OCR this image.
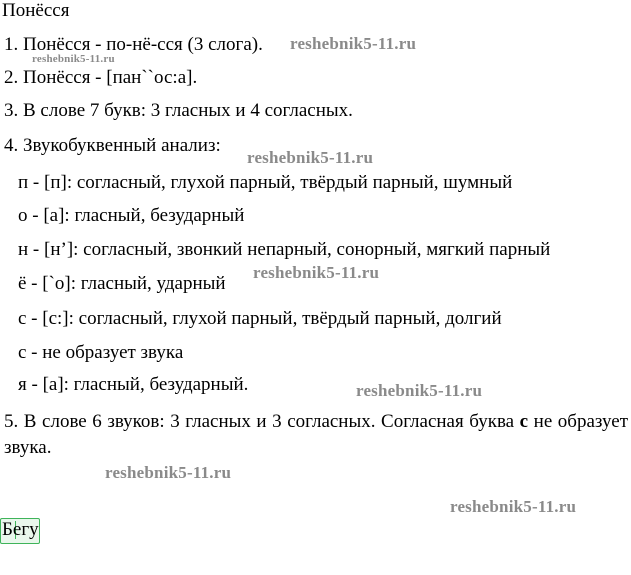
Понёсся
1. Понёсся - по-нё-сся (3 слога).
2. Понёсся - [пан``ос:а].
3. В слове 7 букв: 3 гласных и 4 согласных.
4. Звукобуквенный анализ:
п - [п]: согласный, глухой парный, твёрдый парный, шумный
о - [а]: гласный, безударный
н - [н’]: согласный, звонкий непарный, сонорный, мягкий парный
ё - [`о]: гласный, ударный
с - [с:]: согласный, глухой парный, твёрдый парный, долгий
с - не образует звука
я - [а]: гласный, безударный.
5. В слове 6 звуков: 3 гласных и 3 согласных. Согласная буква с не образует звука.
Бегу
reshebnik5-11.ru
reshebnik5-11.ru
reshebnik5-11.ru
reshebnik5-11.ru
reshebnik5-11.ru
reshebnik5-11.ru
reshebnik5-11.ru
